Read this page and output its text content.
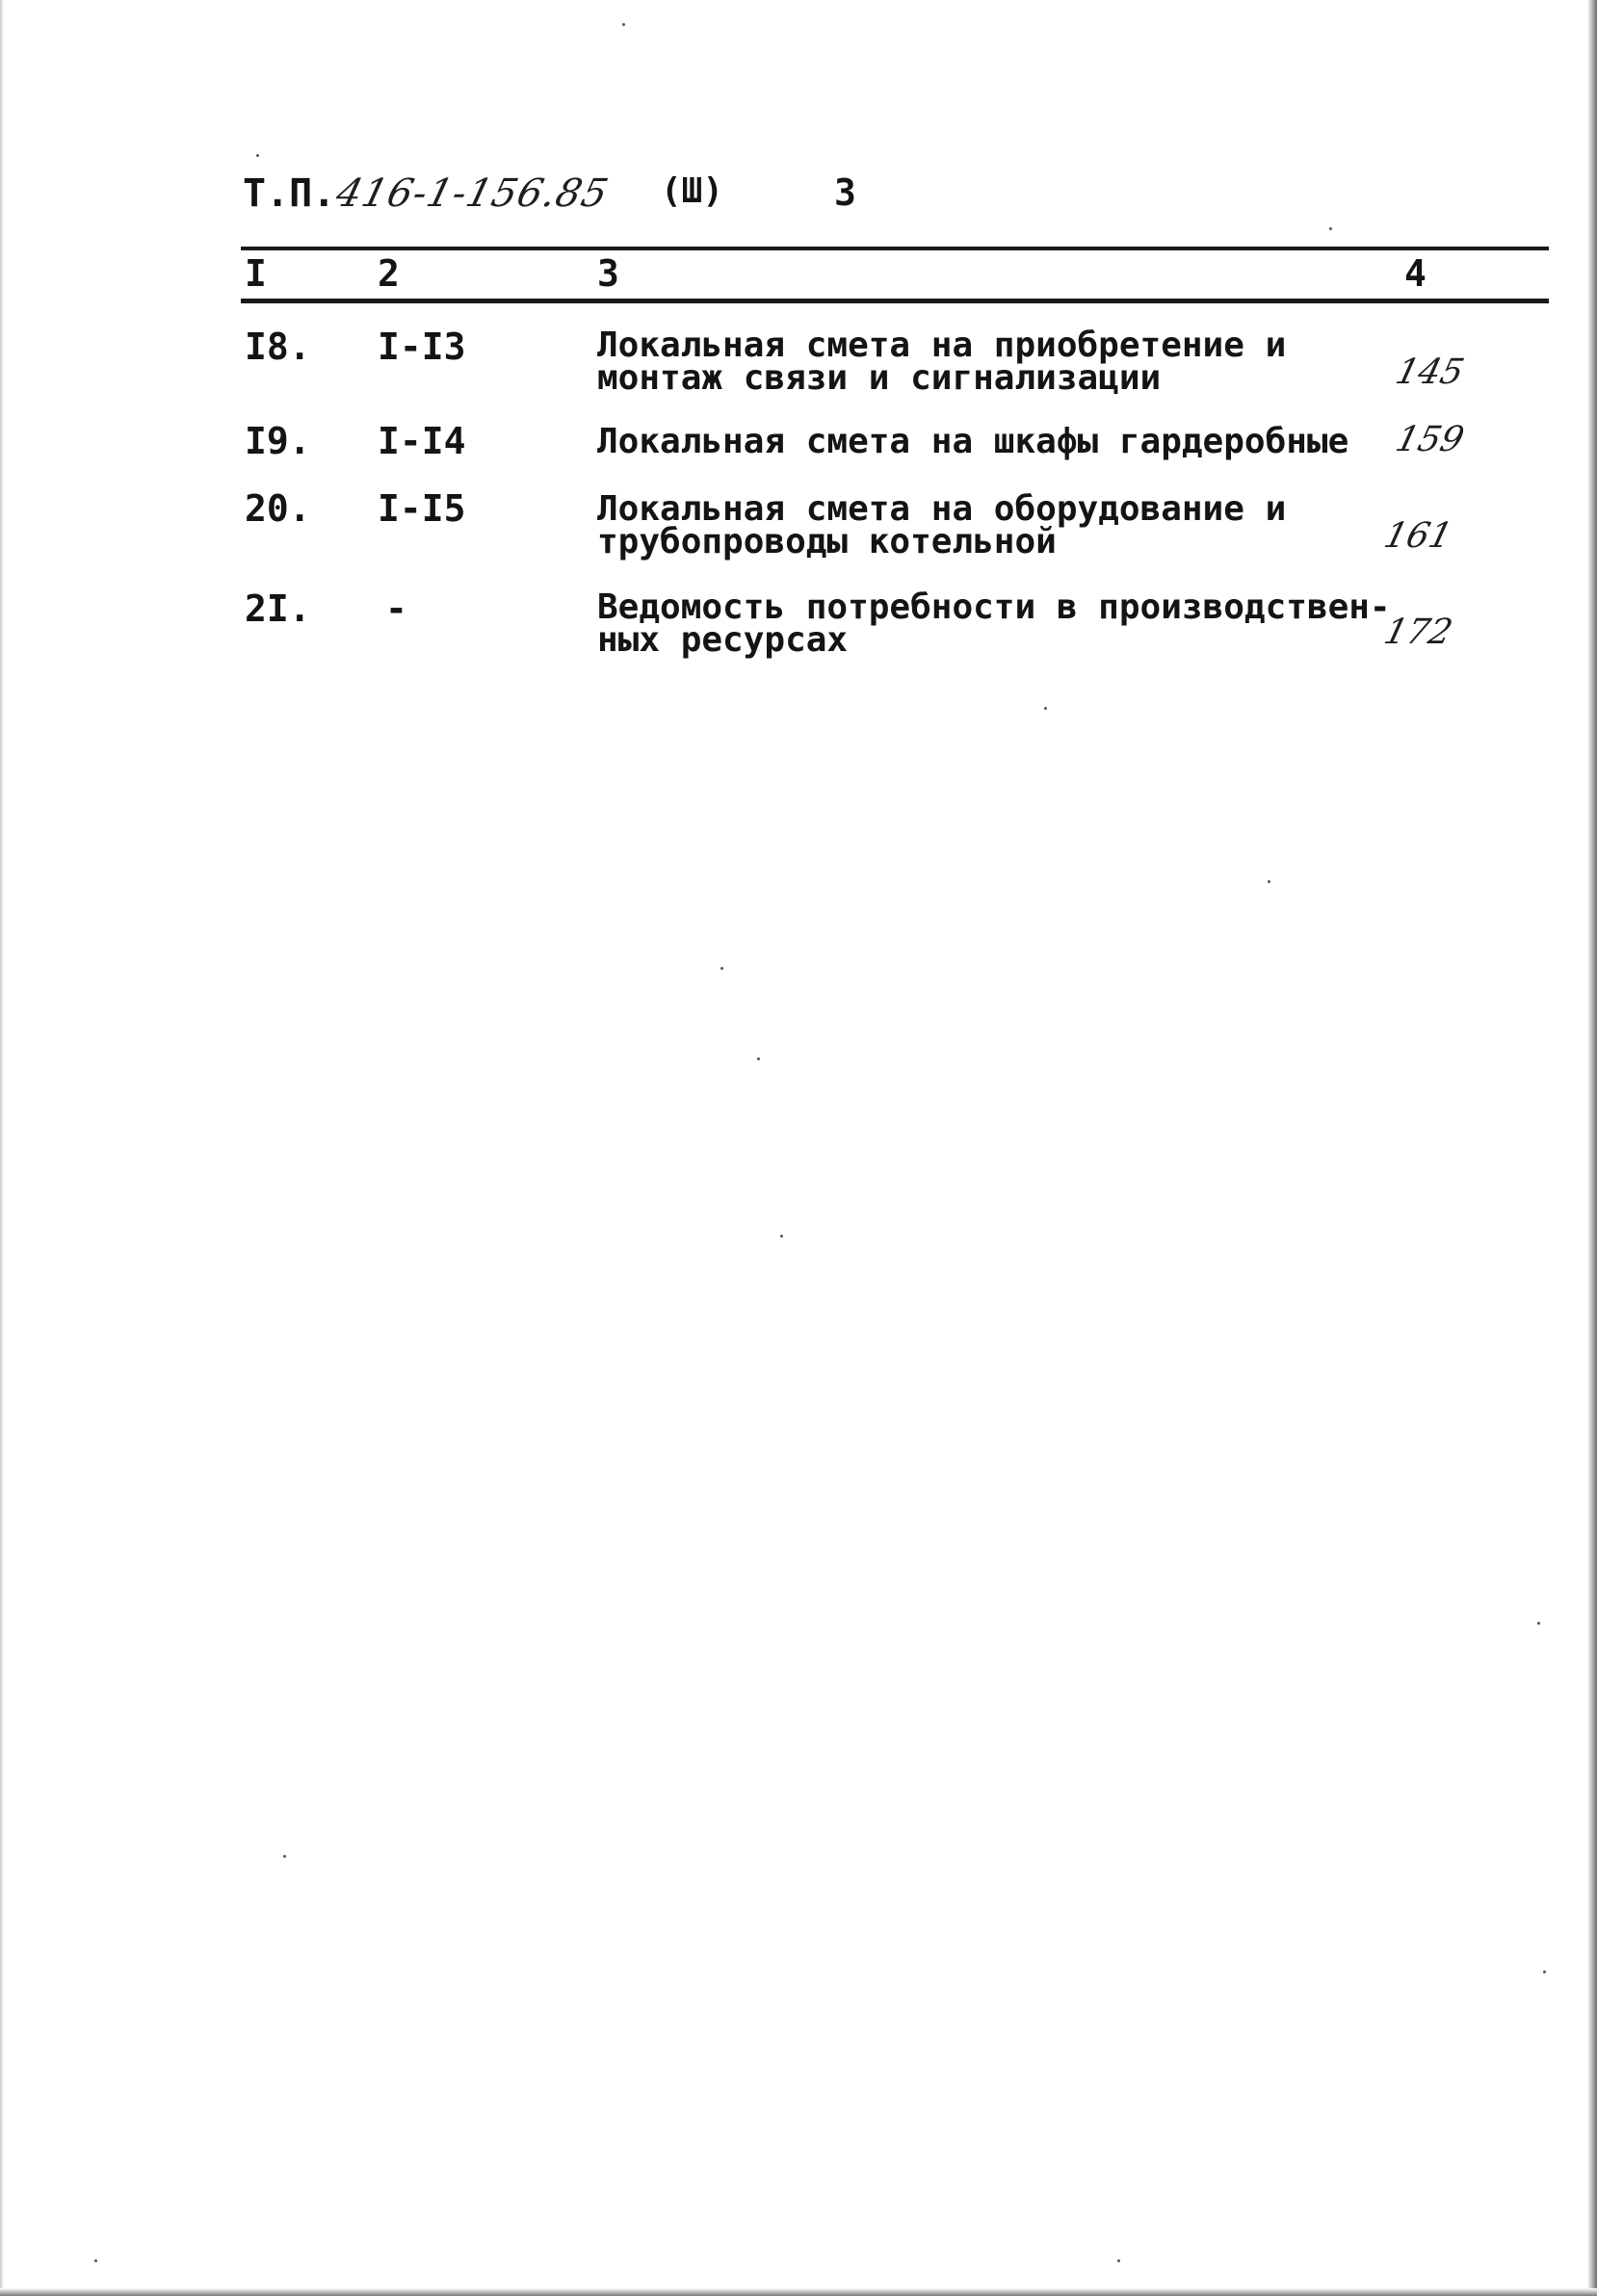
Т.П.
416-1-156.85 (Ш)	3
I	2	3	4
I8. I-I3	Локальная смета на приобретение и
монтаж связи и сигнализации	145
I9. I-I4	Локальная смета на шкафы гардеробные 159
20. I-I5	Локальная смета на оборудование и
трубопроводы котельной	161
2I. -	Ведомость потребности в производствен-
ных ресурсах	172
